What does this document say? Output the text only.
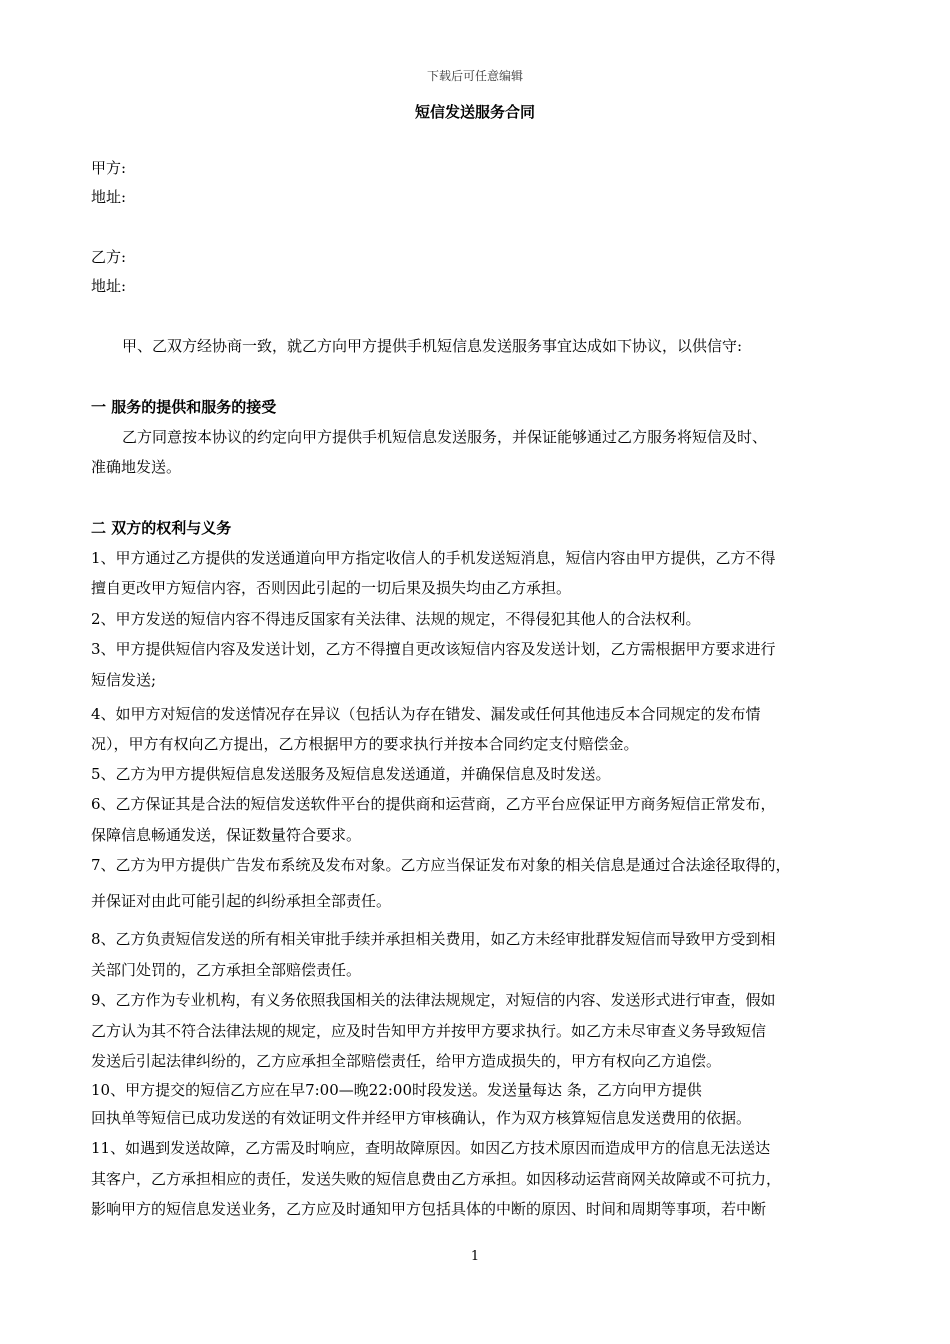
下载后可任意编辑
短信发送服务合同
甲方:
地址:
乙方:
地址:
甲、乙双方经协商一致，就乙方向甲方提供手机短信息发送服务事宜达成如下协议，以供信守:
一 服务的提供和服务的接受
乙方同意按本协议的约定向甲方提供手机短信息发送服务，并保证能够通过乙方服务将短信及时、
准确地发送。
二 双方的权利与义务
1、甲方通过乙方提供的发送通道向甲方指定收信人的手机发送短消息，短信内容由甲方提供，乙方不得
擅自更改甲方短信内容，否则因此引起的一切后果及损失均由乙方承担。
2、甲方发送的短信内容不得违反国家有关法律、法规的规定，不得侵犯其他人的合法权利。
3、甲方提供短信内容及发送计划，乙方不得擅自更改该短信内容及发送计划，乙方需根据甲方要求进行
短信发送;
4、如甲方对短信的发送情况存在异议（包括认为存在错发、漏发或任何其他违反本合同规定的发布情
况），甲方有权向乙方提出，乙方根据甲方的要求执行并按本合同约定支付赔偿金。
5、乙方为甲方提供短信息发送服务及短信息发送通道，并确保信息及时发送。
6、乙方保证其是合法的短信发送软件平台的提供商和运营商，乙方平台应保证甲方商务短信正常发布，
保障信息畅通发送，保证数量符合要求。
7、乙方为甲方提供广告发布系统及发布对象。乙方应当保证发布对象的相关信息是通过合法途径取得的，
并保证对由此可能引起的纠纷承担全部责任。
8、乙方负责短信发送的所有相关审批手续并承担相关费用，如乙方未经审批群发短信而导致甲方受到相
关部门处罚的，乙方承担全部赔偿责任。
9、乙方作为专业机构，有义务依照我国相关的法律法规规定，对短信的内容、发送形式进行审查，假如
乙方认为其不符合法律法规的规定，应及时告知甲方并按甲方要求执行。如乙方未尽审查义务导致短信
发送后引起法律纠纷的，乙方应承担全部赔偿责任，给甲方造成损失的，甲方有权向乙方追偿。
10、甲方提交的短信乙方应在早7:00—晚22:00时段发送。发送量每达 条，乙方向甲方提供
回执单等短信已成功发送的有效证明文件并经甲方审核确认，作为双方核算短信息发送费用的依据。
11、如遇到发送故障，乙方需及时响应，查明故障原因。如因乙方技术原因而造成甲方的信息无法送达
其客户，乙方承担相应的责任，发送失败的短信息费由乙方承担。如因移动运营商网关故障或不可抗力，
影响甲方的短信息发送业务，乙方应及时通知甲方包括具体的中断的原因、时间和周期等事项，若中断
1
